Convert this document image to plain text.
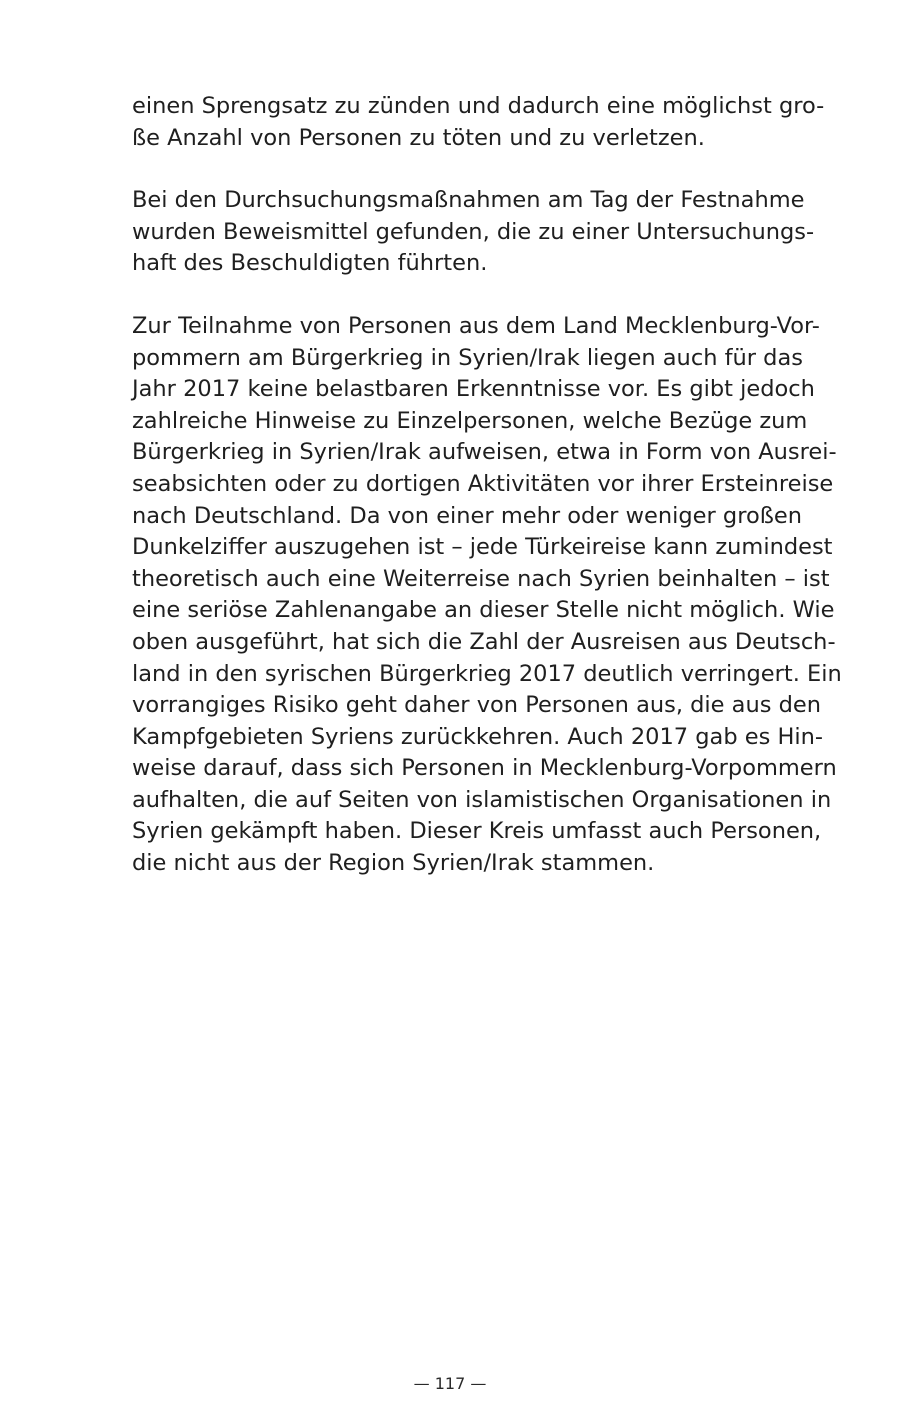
einen Sprengsatz zu zünden und dadurch eine möglichst gro-
ße Anzahl von Personen zu töten und zu verletzen.

Bei den Durchsuchungsmaßnahmen am Tag der Festnahme
wurden Beweismittel gefunden, die zu einer Untersuchungs-
haft des Beschuldigten führten.

Zur Teilnahme von Personen aus dem Land Mecklenburg-Vor-
pommern am Bürgerkrieg in Syrien/Irak liegen auch für das
Jahr 2017 keine belastbaren Erkenntnisse vor. Es gibt jedoch
zahlreiche Hinweise zu Einzelpersonen, welche Bezüge zum
Bürgerkrieg in Syrien/Irak aufweisen, etwa in Form von Ausrei-
seabsichten oder zu dortigen Aktivitäten vor ihrer Ersteinreise
nach Deutschland. Da von einer mehr oder weniger großen
Dunkelziffer auszugehen ist – jede Türkeireise kann zumindest
theoretisch auch eine Weiterreise nach Syrien beinhalten – ist
eine seriöse Zahlenangabe an dieser Stelle nicht möglich. Wie
oben ausgeführt, hat sich die Zahl der Ausreisen aus Deutsch-
land in den syrischen Bürgerkrieg 2017 deutlich verringert. Ein
vorrangiges Risiko geht daher von Personen aus, die aus den
Kampfgebieten Syriens zurückkehren. Auch 2017 gab es Hin-
weise darauf, dass sich Personen in Mecklenburg-Vorpommern
aufhalten, die auf Seiten von islamistischen Organisationen in
Syrien gekämpft haben. Dieser Kreis umfasst auch Personen,
die nicht aus der Region Syrien/Irak stammen.

— 117 —
